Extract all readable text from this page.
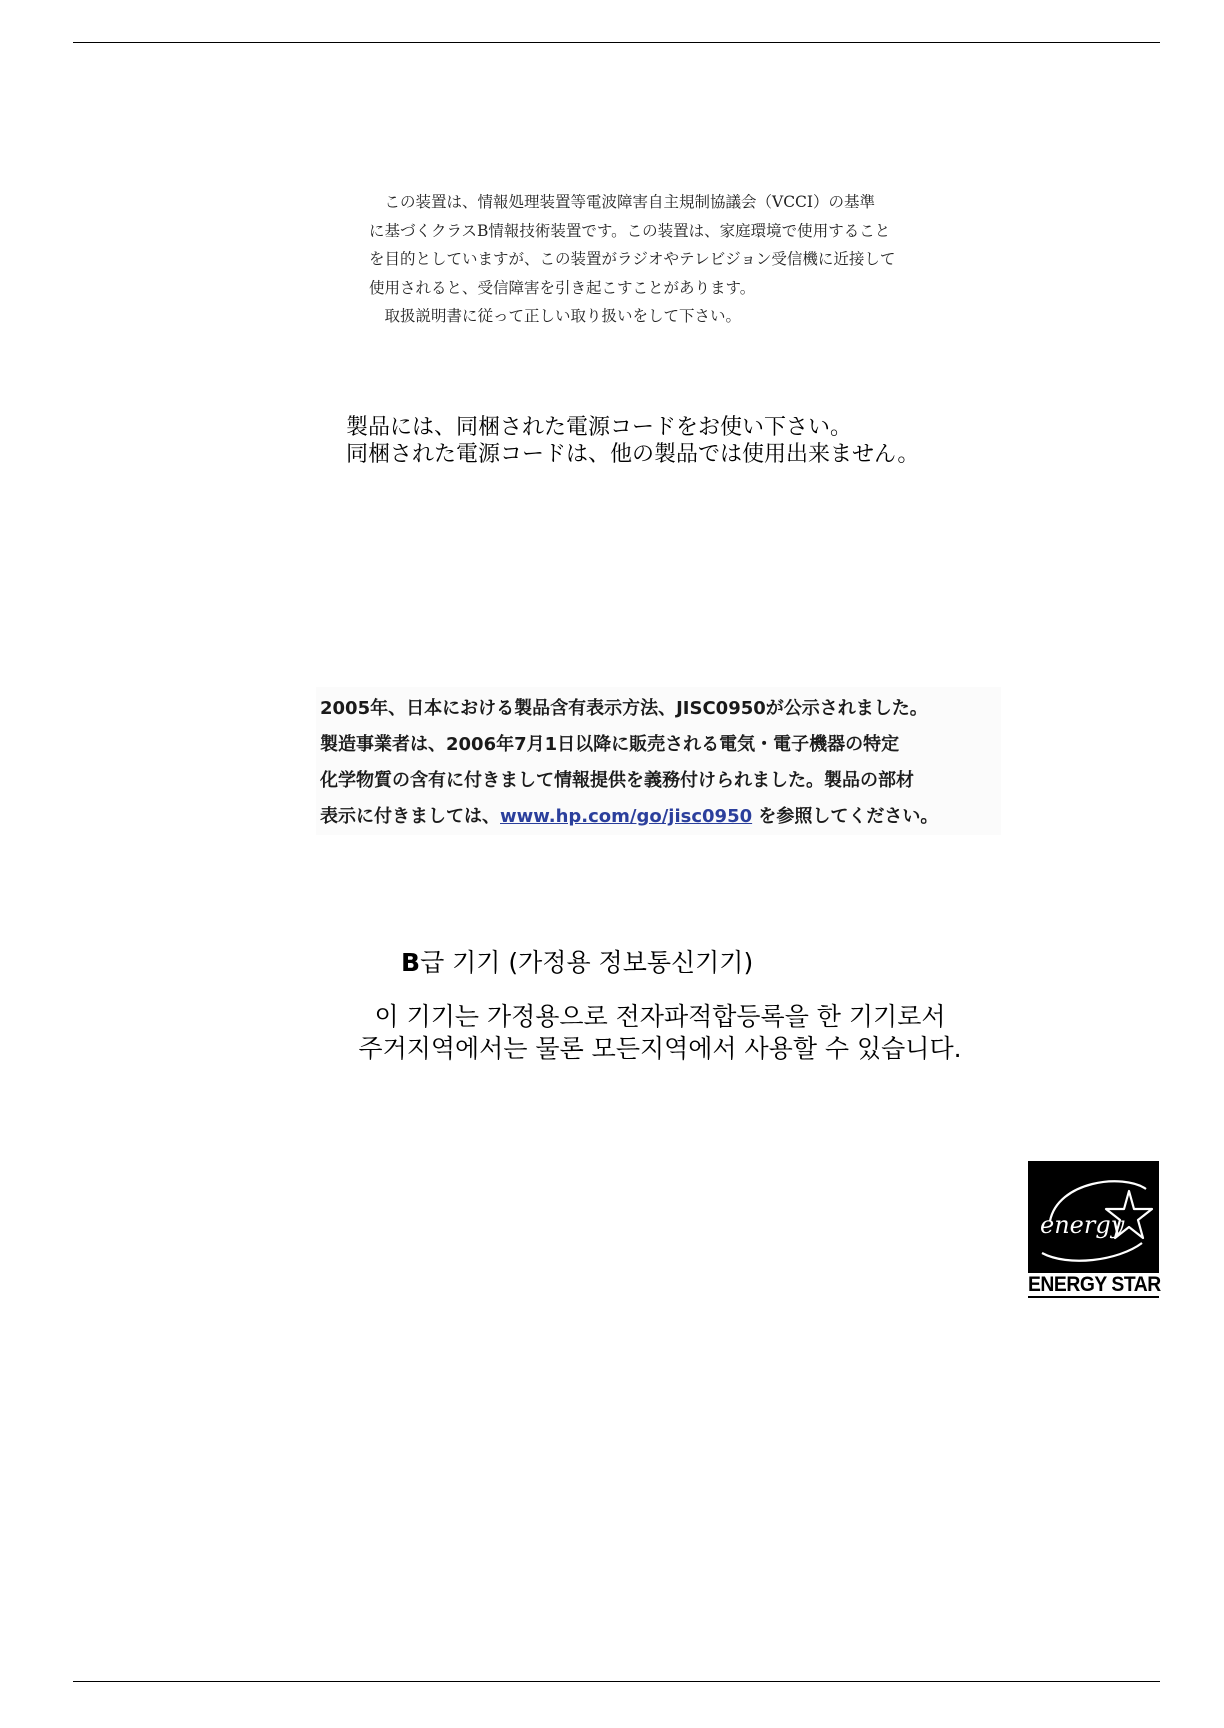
　この装置は、情報処理装置等電波障害自主規制協議会（VCCI）の基準

に基づくクラスB情報技術装置です。この装置は、家庭環境で使用すること

を目的としていますが、この装置がラジオやテレビジョン受信機に近接して

使用されると、受信障害を引き起こすことがあります。

　取扱説明書に従って正しい取り扱いをして下さい。

製品には、同梱された電源コードをお使い下さい。

同梱された電源コードは、他の製品では使用出来ません。

2005年、日本における製品含有表示方法、JISC0950が公示されました。

製造事業者は、2006年7月1日以降に販売される電気・電子機器の特定

化学物質の含有に付きまして情報提供を義務付けられました。製品の部材

表示に付きましては、www.hp.com/go/jisc0950 を参照してください。

B급 기기 (가정용 정보통신기기)

이 기기는 가정용으로 전자파적합등록을 한 기기로서

주거지역에서는 물론 모든지역에서 사용할 수 있습니다.

energy
ENERGY STAR
